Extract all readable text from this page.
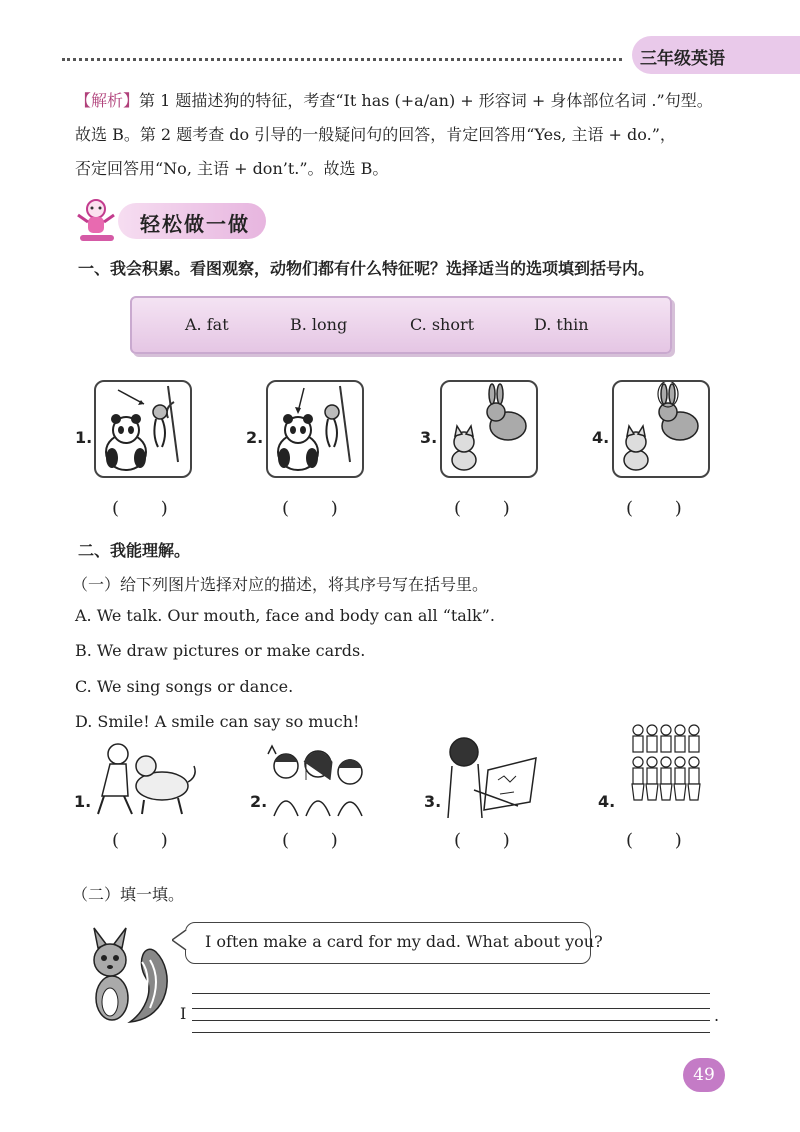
三年级英语
【解析】第 1 题描述狗的特征，考查“It has (+a/an) + 形容词 + 身体部位名词 .”句型。
故选 B。第 2 题考查 do 引导的一般疑问句的回答，肯定回答用“Yes, 主语 + do.”，
否定回答用“No, 主语 + don’t.”。故选 B。
轻松做一做
一、我会积累。看图观察，动物们都有什么特征呢？选择适当的选项填到括号内。
A. fat	B. long	C. short	D. thin
1.
( )
2.
( )
3.
( )
4.
( )
二、我能理解。
（一）给下列图片选择对应的描述，将其序号写在括号里。
A. We talk. Our mouth, face and body can all “talk”.
B. We draw pictures or make cards.
C. We sing songs or dance.
D. Smile! A smile can say so much!
1.
( )
2.
( )
3.
( )
4.
( )
（二）填一填。
I often make a card for my dad. What about you?
I	.
49
